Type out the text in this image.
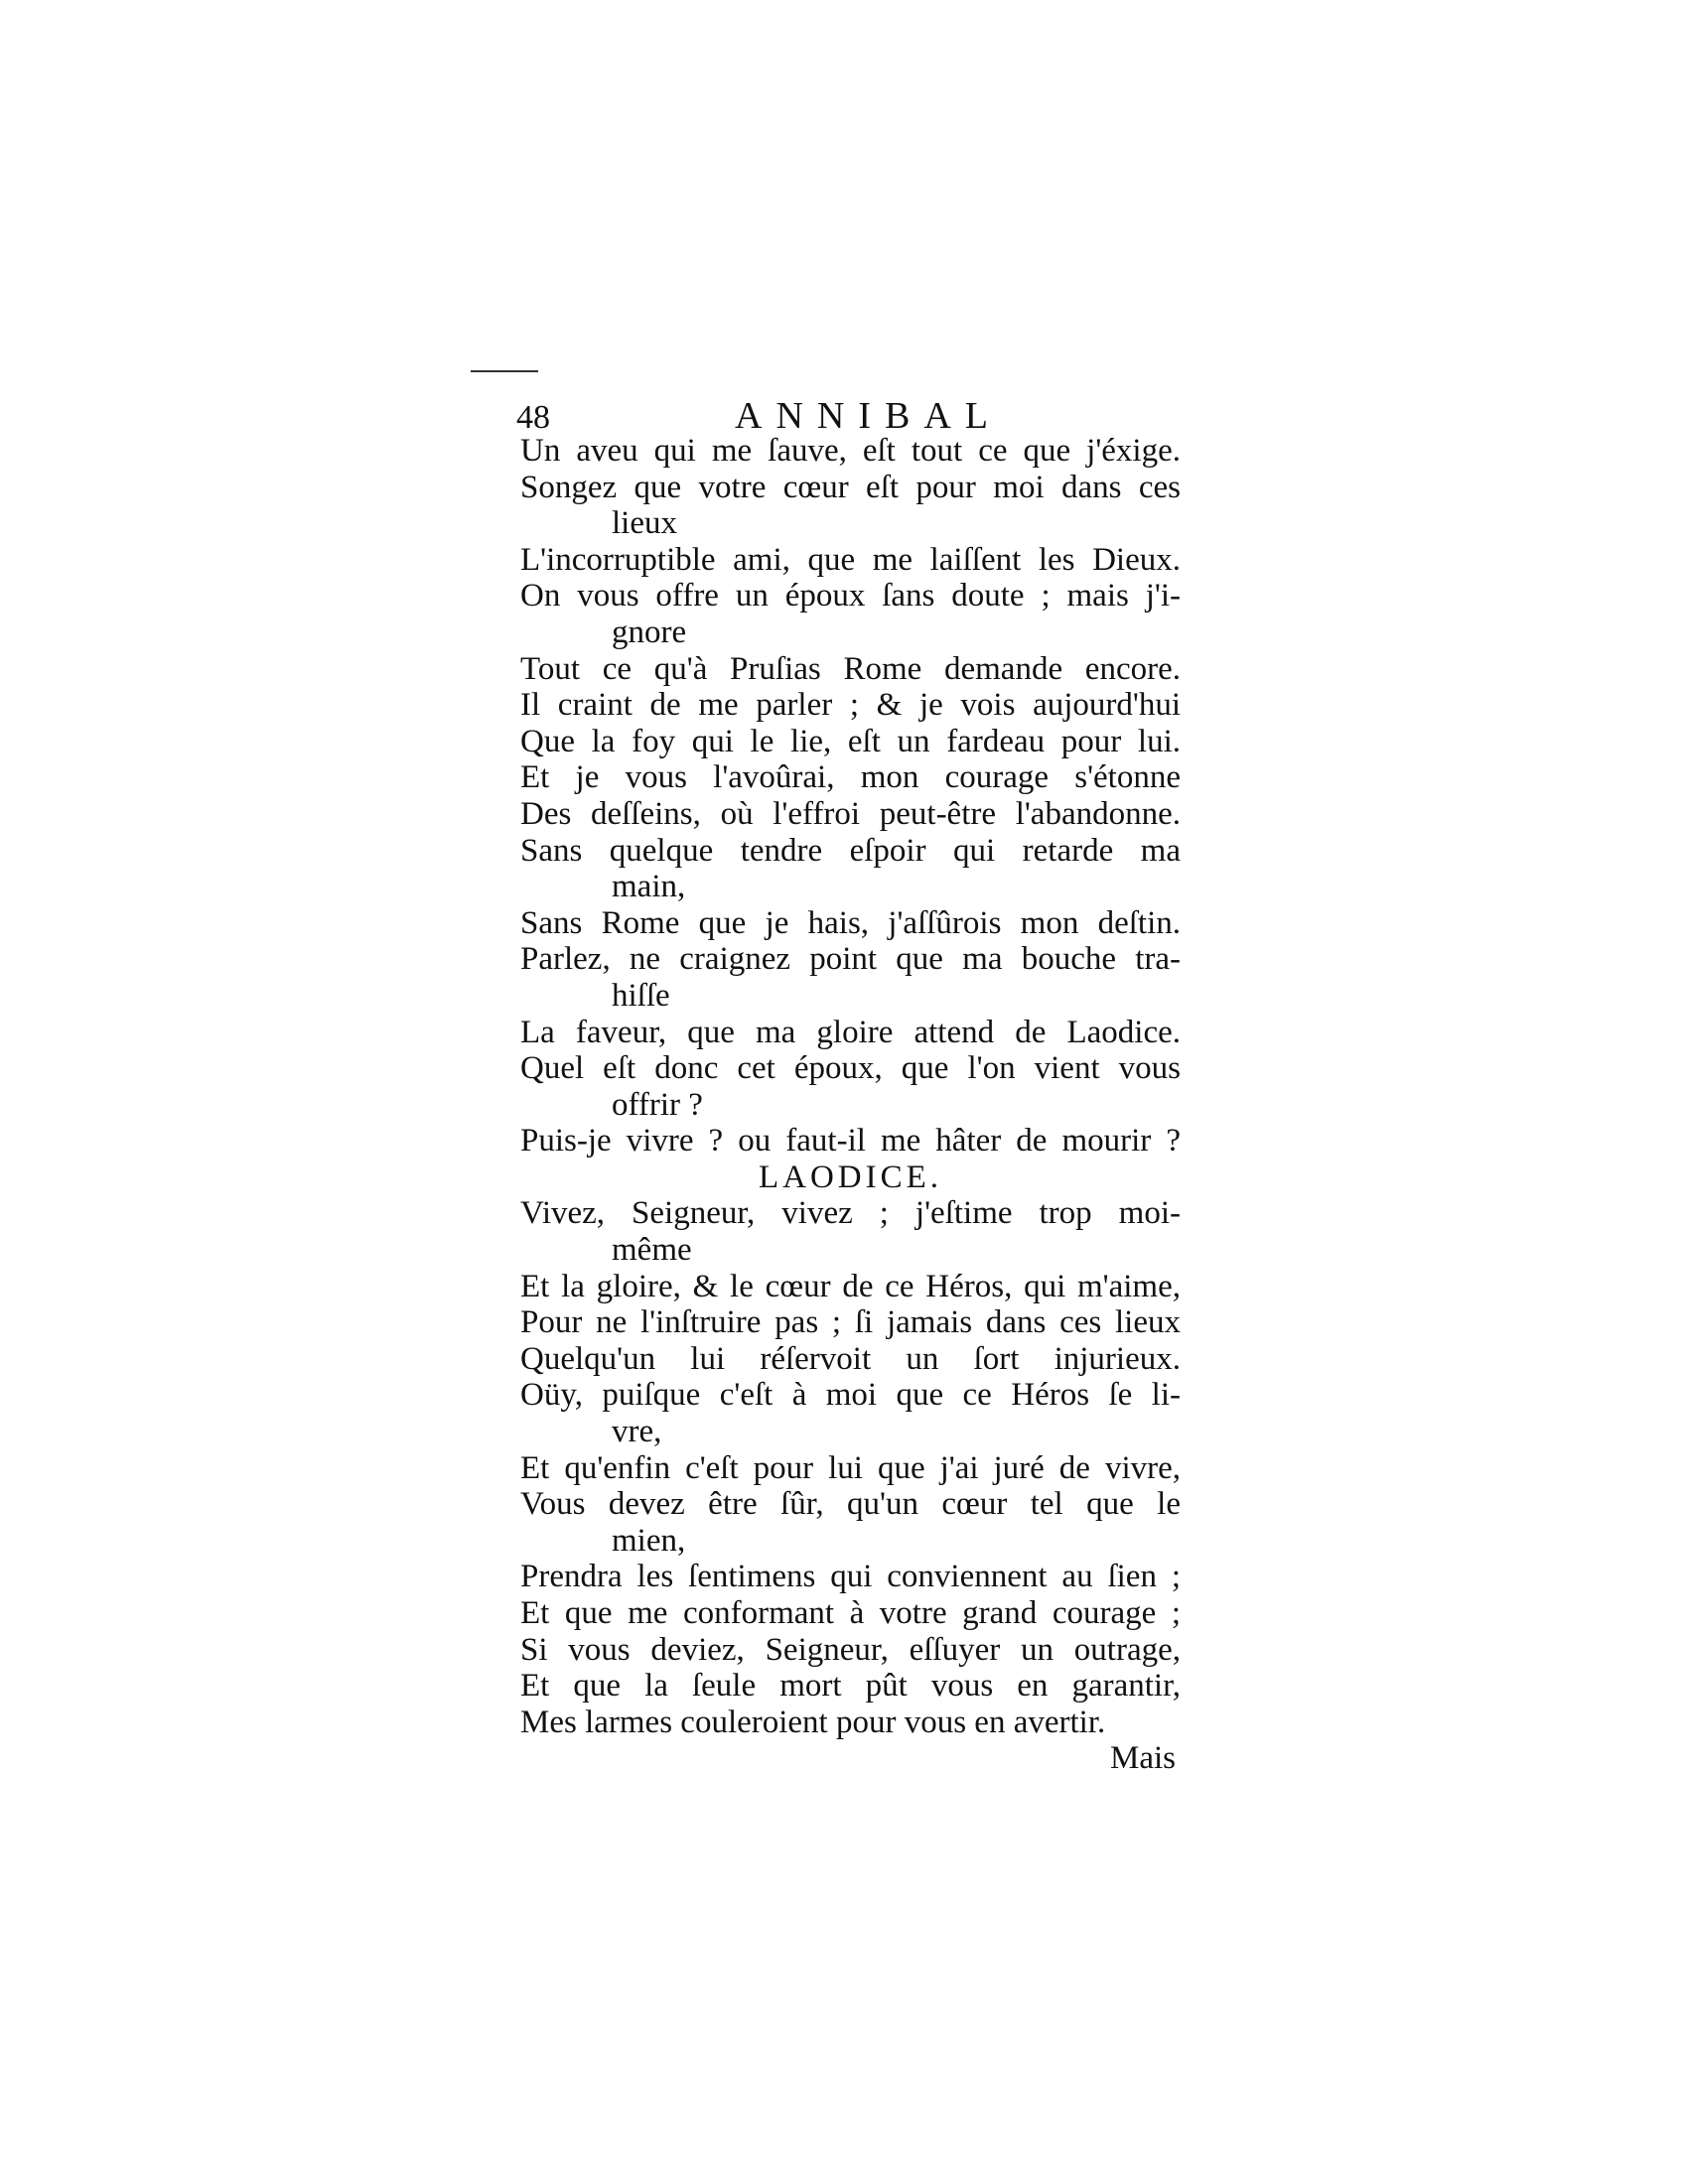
48	ANNIBAL
Un aveu qui me ſauve, eſt tout ce que j'éxige.
Songez que votre cœur eſt pour moi dans ces
lieux
L'incorruptible ami, que me laiſſent les Dieux.
On vous offre un époux ſans doute ; mais j'i-
gnore
Tout ce qu'à Pruſias Rome demande encore.
Il craint de me parler ; & je vois aujourd'hui
Que la foy qui le lie, eſt un fardeau pour lui.
Et je vous l'avoûrai, mon courage s'étonne
Des deſſeins, où l'effroi peut-être l'abandonne.
Sans quelque tendre eſpoir qui retarde ma
main,
Sans Rome que je hais, j'aſſûrois mon deſtin.
Parlez, ne craignez point que ma bouche tra-
hiſſe
La faveur, que ma gloire attend de Laodice.
Quel eſt donc cet époux, que l'on vient vous
offrir ?
Puis-je vivre ? ou faut-il me hâter de mourir ?
LAODICE.
Vivez, Seigneur, vivez ; j'eſtime trop moi-
même
Et la gloire, & le cœur de ce Héros, qui m'aime,
Pour ne l'inſtruire pas ; ſi jamais dans ces lieux
Quelqu'un lui réſervoit un ſort injurieux.
Oüy, puiſque c'eſt à moi que ce Héros ſe li-
vre,
Et qu'enfin c'eſt pour lui que j'ai juré de vivre,
Vous devez être ſûr, qu'un cœur tel que le
mien,
Prendra les ſentimens qui conviennent au ſien ;
Et que me conformant à votre grand courage ;
Si vous deviez, Seigneur, eſſuyer un outrage,
Et que la ſeule mort pût vous en garantir,
Mes larmes couleroient pour vous en avertir.
Mais
